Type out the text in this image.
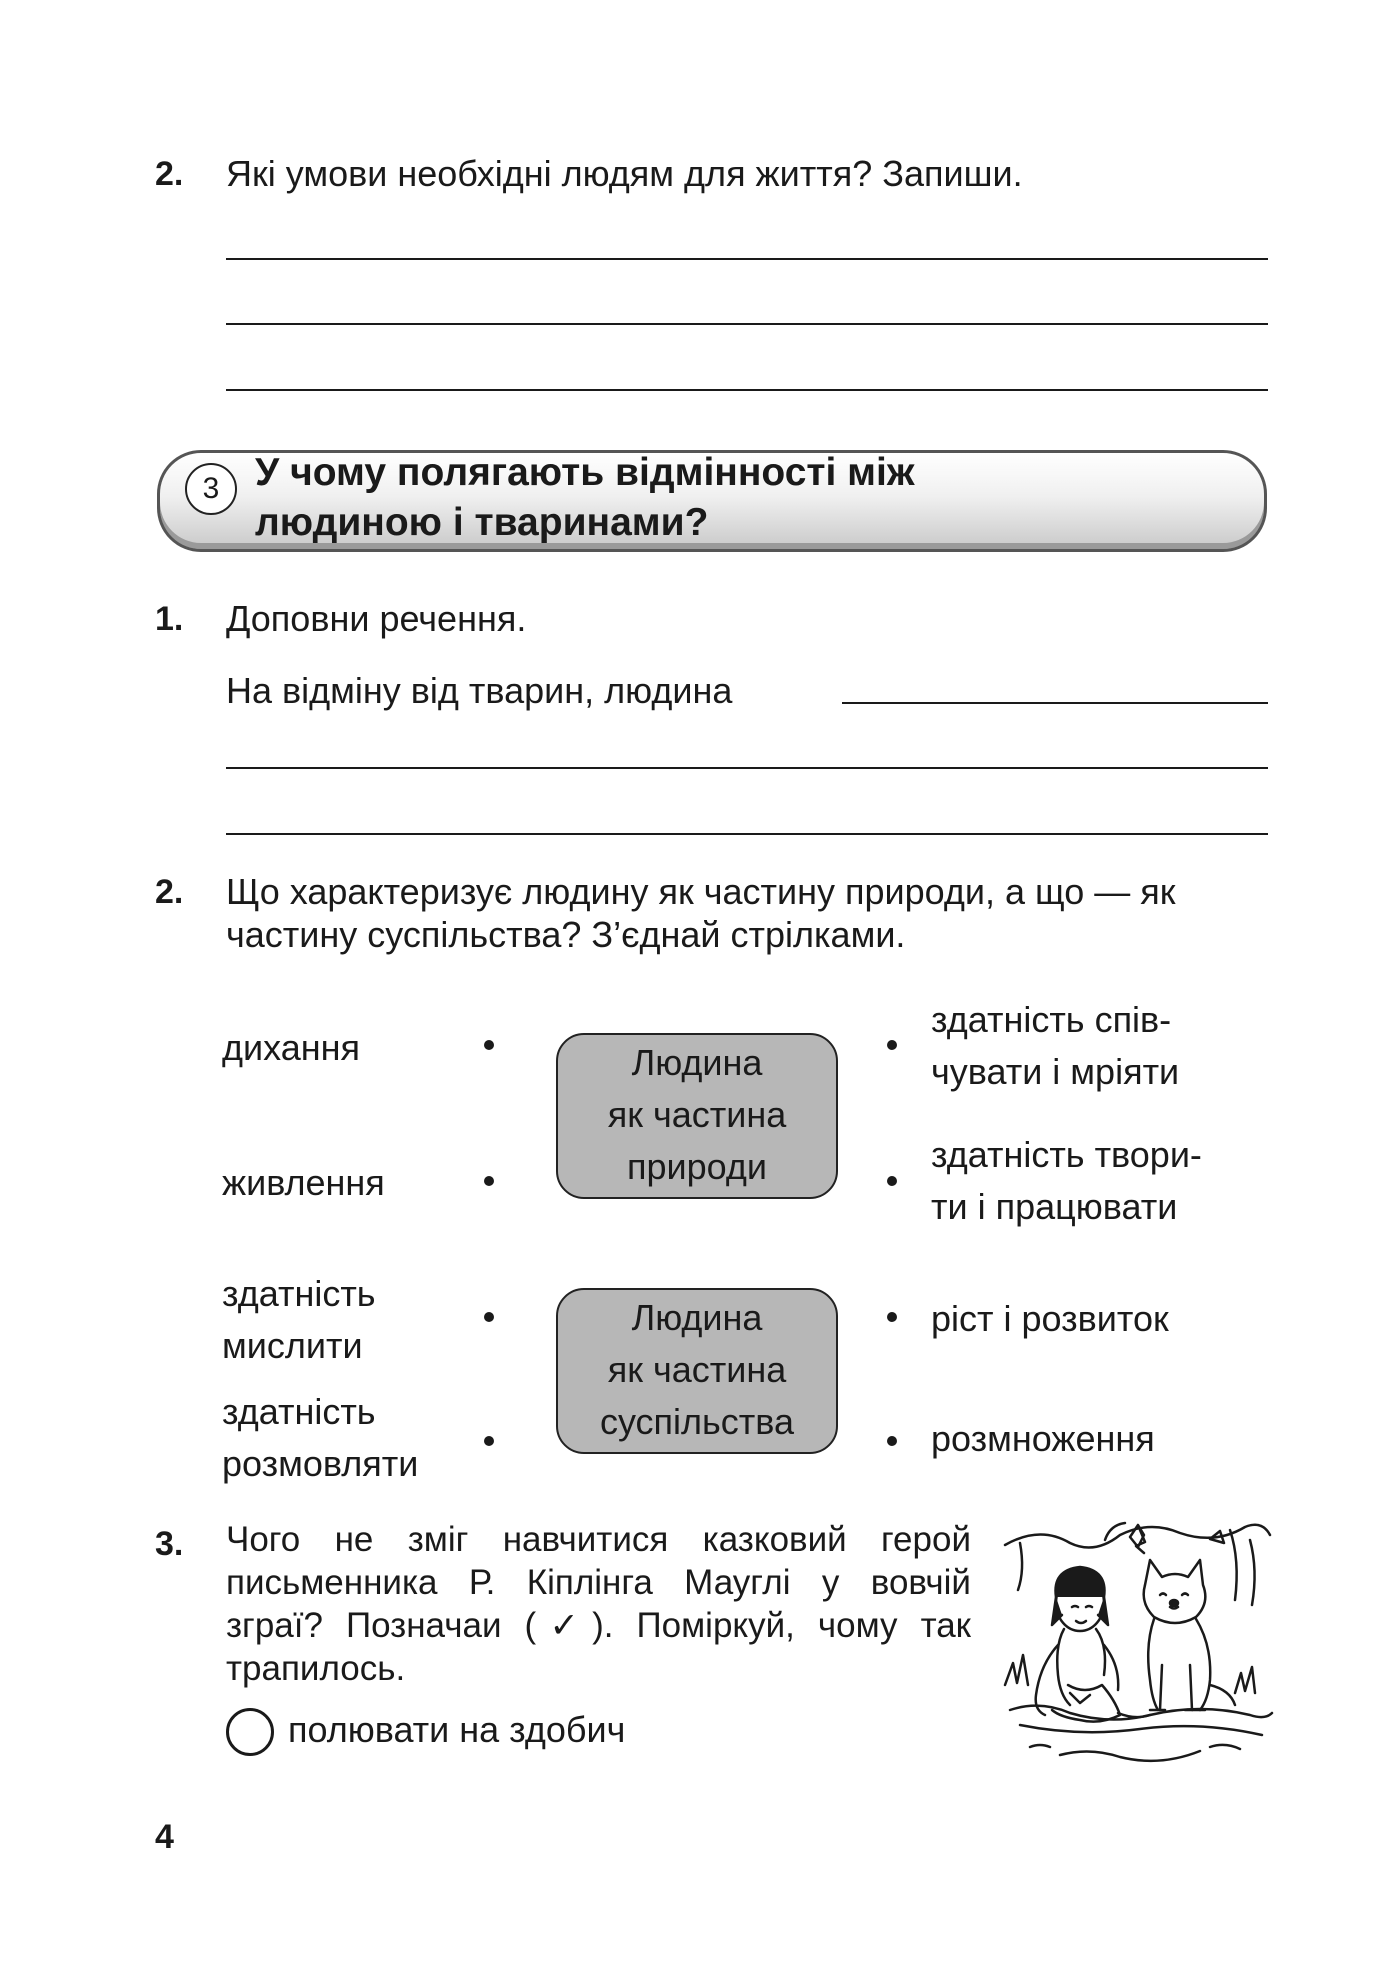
2. Які умови необхідні людям для життя? Запиши.
3 У чому полягають відмінності між
людиною і тваринами?
1. Доповни речення.
На відміну від тварин, людина
2. Що характеризує людину як частину природи, а що — як
частину суспільства? З’єднай стрілками.
дихання
живлення
здатність
мислити
здатність
розмовляти
Людина
як частина
природи
Людина
як частина
суспільства
здатність спів-
чувати і мріяти
здатність твори-
ти і працювати
ріст і розвиток
розмноження
3. Чого не зміг навчитися казковий герой
письменника Р. Кіплінга Мауглі у вовчій
зграї? Позначаи (✓). Поміркуй, чому так
трапилось.
полювати на здобич
4
